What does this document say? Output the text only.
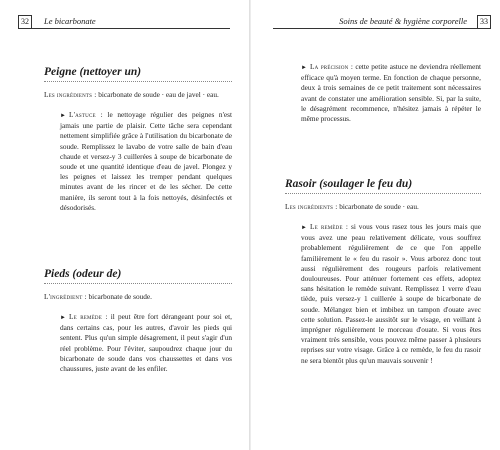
32	Le bicarbonate
Peigne (nettoyer un)

Les ingrédients : bicarbonate de soude · eau de javel · eau.

► L'astuce : le nettoyage régulier des peignes n'est jamais une partie de plaisir. Cette tâche sera cependant nettement simplifiée grâce à l'utilisation du bicarbonate de soude. Remplissez le lavabo de votre salle de bain d'eau chaude et versez-y 3 cuillerées à soupe de bicarbonate de soude et une quantité identique d'eau de javel. Plongez y les peignes et laissez les tremper pendant quelques minutes avant de les rincer et de les sécher. De cette manière, ils seront tout à la fois nettoyés, désinfectés et désodorisés.

Pieds (odeur de)

L'ingrédient : bicarbonate de soude.

► Le remède : il peut être fort dérangeant pour soi et, dans certains cas, pour les autres, d'avoir les pieds qui sentent. Plus qu'un simple désagrement, il peut s'agir d'un réel problème. Pour l'éviter, saupoudrez chaque jour du bicarbonate de soude dans vos chaussettes et dans vos chaussures, juste avant de les enfiler.

Soins de beauté & hygiène corporelle	33

► La précision : cette petite astuce ne deviendra réellement efficace qu'à moyen terme. En fonction de chaque personne, deux à trois semaines de ce petit traitement sont nécessaires avant de constater une amélioration sensible. Si, par la suite, le désagrément recommence, n'hésitez jamais à répéter le même processus.

Rasoir (soulager le feu du)

Les ingrédients : bicarbonate de soude · eau.

► Le remède : si vous vous rasez tous les jours mais que vous avez une peau relativement délicate, vous souffrez probablement régulièrement de ce que l'on appelle familièrement le « feu du rasoir ». Vous arborez donc tout aussi régulièrement des rougeurs parfois relativement douloureuses. Pour atténuer fortement ces effets, adoptez sans hésitation le remède suivant. Remplissez 1 verre d'eau tiède, puis versez-y 1 cuillerée à soupe de bicarbonate de soude. Mélangez bien et imbibez un tampon d'ouate avec cette solution. Passez-le aussitôt sur le visage, en veillant à imprégner régulièrement le morceau d'ouate. Si vous êtes vraiment très sensible, vous pouvez même passer à plusieurs reprises sur votre visage. Grâce à ce remède, le feu du rasoir ne sera bientôt plus qu'un mauvais souvenir !
